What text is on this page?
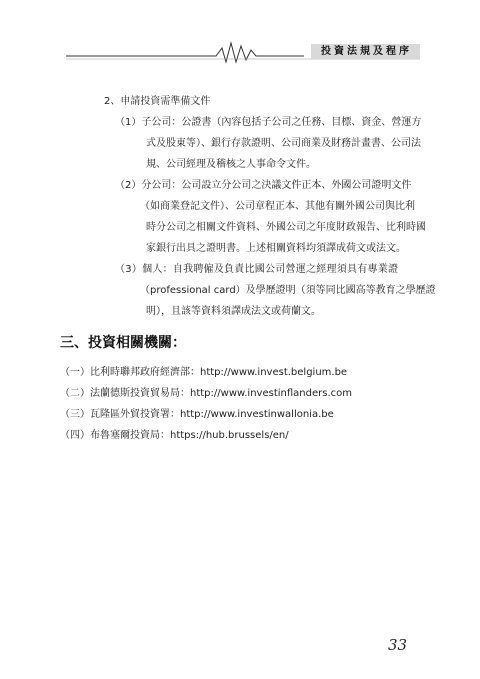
投資法規及程序
2、申請投資需準備文件
（1）子公司：公證書（內容包括子公司之任務、目標、資金、營運方
式及股東等）、銀行存款證明、公司商業及財務計畫書、公司法
規、公司經理及稽核之人事命令文件。
（2）分公司：公司設立分公司之決議文件正本、外國公司證明文件
（如商業登記文件）、公司章程正本、其他有關外國公司與比利
時分公司之相關文件資料、外國公司之年度財政報告、比利時國
家銀行出具之證明書。上述相關資料均須譯成荷文或法文。
（3）個人：自我聘僱及負責比國公司營運之經理須具有專業證
（professional card）及學歷證明（須等同比國高等教育之學歷證
明），且該等資料須譯成法文或荷蘭文。
三、投資相關機關：
（一）比利時聯邦政府經濟部：http://www.invest.belgium.be
（二）法蘭德斯投資貿易局：http://www.investinflanders.com
（三）瓦隆區外貿投資署：http://www.investinwallonia.be
（四）布魯塞爾投資局：https://hub.brussels/en/
33
